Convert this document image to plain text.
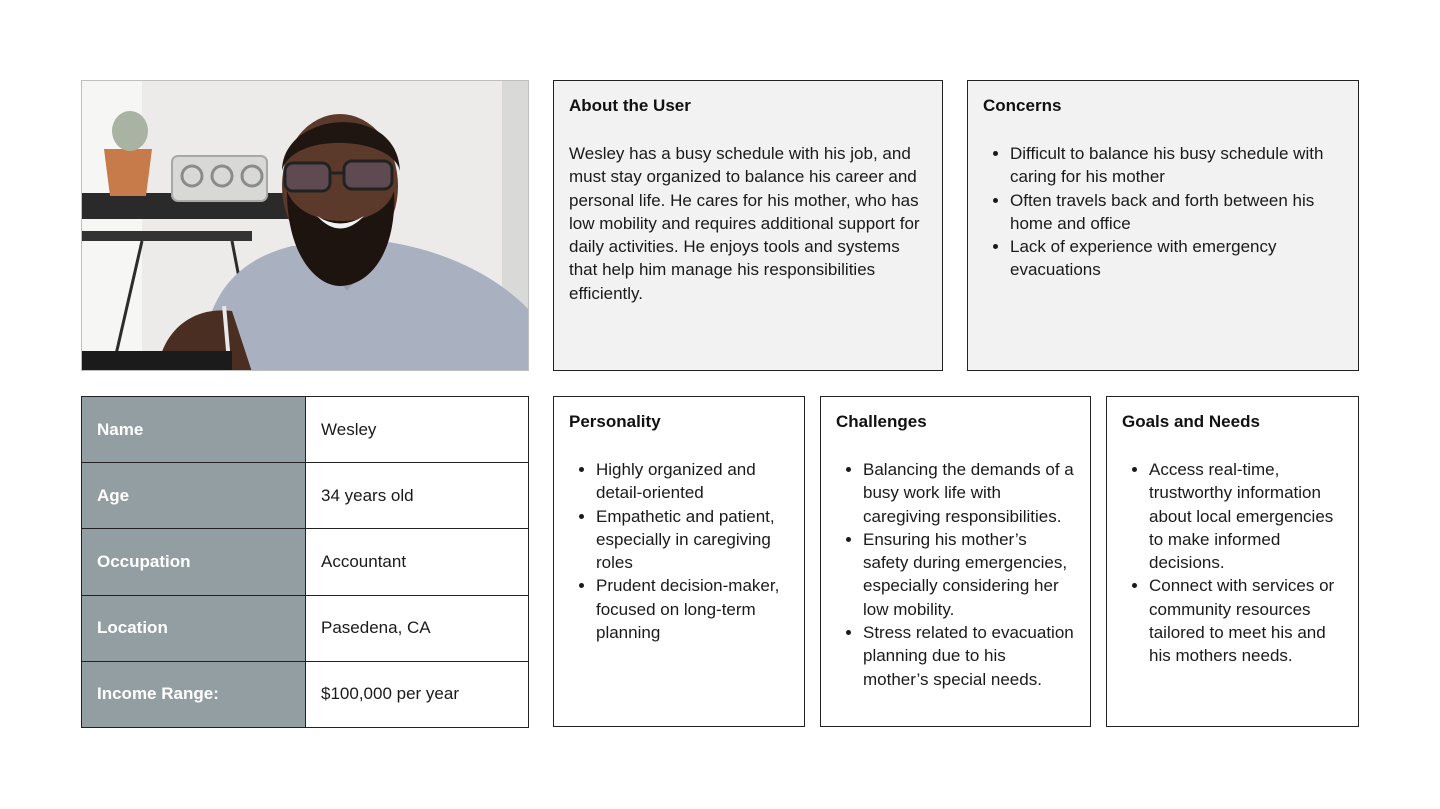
Name	Wesley
Age	34 years old
Occupation	Accountant
Location	Pasedena, CA
Income Range:	$100,000 per year
About the User

Wesley has a busy schedule with his job, and must stay organized to balance his career and personal life. He cares for his mother, who has low mobility and requires additional support for daily activities. He enjoys tools and systems that help him manage his responsibilities efficiently.

Concerns
• Difficult to balance his busy schedule with caring for his mother
• Often travels back and forth between his home and office
• Lack of experience with emergency evacuations
Personality
• Highly organized and detail-oriented
• Empathetic and patient, especially in caregiving roles
• Prudent decision-maker, focused on long-term planning
Challenges
• Balancing the demands of a busy work life with caregiving responsibilities.
• Ensuring his mother’s safety during emergencies, especially considering her low mobility.
• Stress related to evacuation planning due to his mother’s special needs.
Goals and Needs
• Access real-time, trustworthy information about local emergencies to make informed decisions.
• Connect with services or community resources tailored to meet his and his mothers needs.
